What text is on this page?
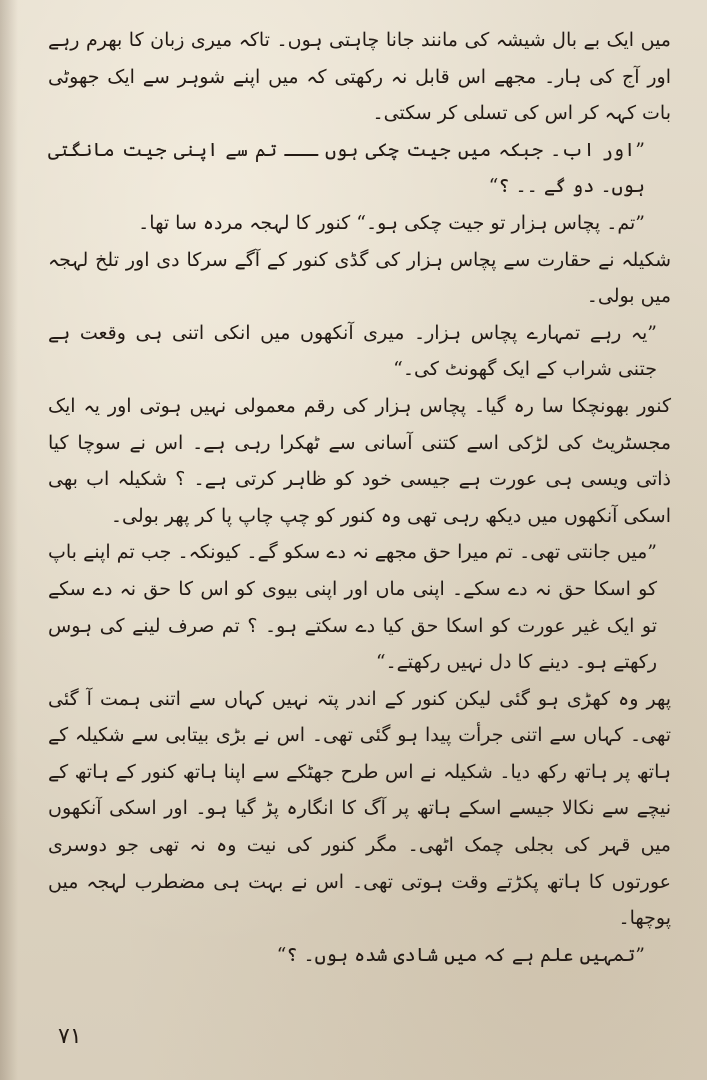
میں ایک بے بال شیشہ کی مانند جانا چاہتی ہوں۔ تاکہ میری زبان کا بھرم رہے اور آج کی ہار۔ مجھے اس قابل نہ رکھتی کہ میں اپنے شوہر سے ایک جھوٹی بات کہہ کر اس کی تسلی کر سکتی۔

”اور اب۔ جبکہ میں جیت چکی ہوں ـــ تم سے اپنی جیت مانگتی ہوں۔ دو گے ۔۔ ؟“

”تم۔ پچاس ہزار تو جیت چکی ہو۔“ کنور کا لہجہ مردہ سا تھا۔

شکیلہ نے حقارت سے پچاس ہزار کی گڈی کنور کے آگے سرکا دی اور تلخ لہجہ میں بولی۔

”یہ رہے تمہارے پچاس ہزار۔ میری آنکھوں میں انکی اتنی ہی وقعت ہے جتنی شراب کے ایک گھونٹ کی۔“

کنور بھونچکا سا رہ گیا۔ پچاس ہزار کی رقم معمولی نہیں ہوتی اور یہ ایک مجسٹریٹ کی لڑکی اسے کتنی آسانی سے ٹھکرا رہی ہے۔ اس نے سوچا کیا ذاتی ویسی ہی عورت ہے جیسی خود کو ظاہر کرتی ہے۔ ؟ شکیلہ اب بھی اسکی آنکھوں میں دیکھ رہی تھی وہ کنور کو چپ چاپ پا کر پھر بولی۔

”میں جانتی تھی۔ تم میرا حق مجھے نہ دے سکو گے۔ کیونکہ۔ جب تم اپنے باپ کو اسکا حق نہ دے سکے۔ اپنی ماں اور اپنی بیوی کو اس کا حق نہ دے سکے تو ایک غیر عورت کو اسکا حق کیا دے سکتے ہو۔ ؟ تم صرف لینے کی ہوس رکھتے ہو۔ دینے کا دل نہیں رکھتے۔“

پھر وہ کھڑی ہو گئی لیکن کنور کے اندر پتہ نہیں کہاں سے اتنی ہمت آ گئی تھی۔ کہاں سے اتنی جرأت پیدا ہو گئی تھی۔ اس نے بڑی بیتابی سے شکیلہ کے ہاتھ پر ہاتھ رکھ دیا۔ شکیلہ نے اس طرح جھٹکے سے اپنا ہاتھ کنور کے ہاتھ کے نیچے سے نکالا جیسے اسکے ہاتھ پر آگ کا انگارہ پڑ گیا ہو۔ اور اسکی آنکھوں میں قہر کی بجلی چمک اٹھی۔ مگر کنور کی نیت وہ نہ تھی جو دوسری عورتوں کا ہاتھ پکڑتے وقت ہوتی تھی۔ اس نے بہت ہی مضطرب لہجہ میں پوچھا۔

”تمہیں علم ہے کہ میں شادی شدہ ہوں۔ ؟“

۷۱
